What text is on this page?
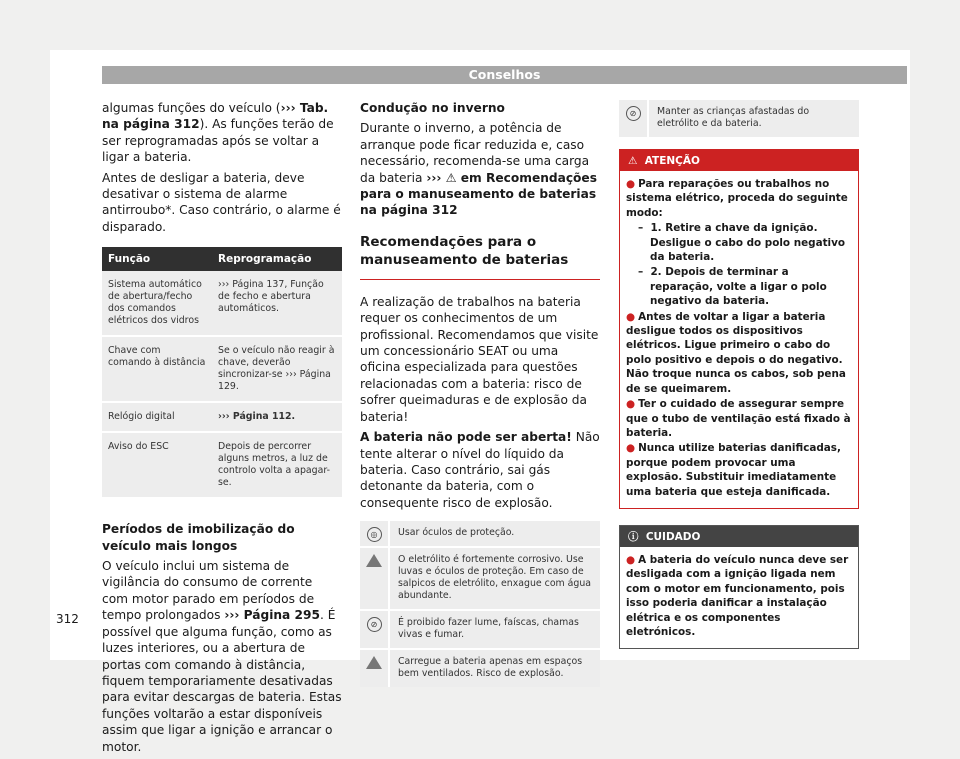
Conselhos

algumas funções do veículo (››› Tab. na página 312). As funções terão de ser reprogramadas após se voltar a ligar a bateria.

Antes de desligar a bateria, deve desativar o sistema de alarme antirroubo*. Caso contrário, o alarme é disparado.

Função	Reprogramação
Sistema automático de abertura/fecho dos comandos elétricos dos vidros	››› Página 137, Função de fecho e abertura automáticos.
Chave com comando à distância	Se o veículo não reagir à chave, deverão sincronizar-se ››› Página 129.
Relógio digital	››› Página 112.
Aviso do ESC	Depois de percorrer alguns metros, a luz de controlo volta a apagar-se.

Períodos de imobilização do veículo mais longos

O veículo inclui um sistema de vigilância do consumo de corrente com motor parado em períodos de tempo prolongados ››› Página 295. É possível que alguma função, como as luzes interiores, ou a abertura de portas com comando à distância, fiquem temporariamente desativadas para evitar descargas de bateria. Estas funções voltarão a estar disponíveis assim que ligar a ignição e arrancar o motor.

Condução no inverno

Durante o inverno, a potência de arranque pode ficar reduzida e, caso necessário, recomenda-se uma carga da bateria ››› ⚠ em Recomendações para o manuseamento de baterias na página 312

Recomendações para o manuseamento de baterias

A realização de trabalhos na bateria requer os conhecimentos de um profissional. Recomendamos que visite um concessionário SEAT ou uma oficina especializada para questões relacionadas com a bateria: risco de sofrer queimaduras e de explosão da bateria!

A bateria não pode ser aberta! Não tente alterar o nível do líquido da bateria. Caso contrário, sai gás detonante da bateria, com o consequente risco de explosão.

◎	Usar óculos de proteção.
O eletrólito é fortemente corrosivo. Use luvas e óculos de proteção. Em caso de salpicos de eletrólito, enxague com água abundante.
⊘	É proibido fazer lume, faíscas, chamas vivas e fumar.
Carregue a bateria apenas em espaços bem ventilados. Risco de explosão.
⊘	Manter as crianças afastadas do eletrólito e da bateria.
⚠ ATENÇÃO
● Para reparações ou trabalhos no sistema elétrico, proceda do seguinte modo:
–  1. Retire a chave da ignição. Desligue o cabo do polo negativo da bateria.
–  2. Depois de terminar a reparação, volte a ligar o polo negativo da bateria.
● Antes de voltar a ligar a bateria desligue todos os dispositivos elétricos. Ligue primeiro o cabo do polo positivo e depois o do negativo. Não troque nunca os cabos, sob pena de se queimarem.
● Ter o cuidado de assegurar sempre que o tubo de ventilação está fixado à bateria.
● Nunca utilize baterias danificadas, porque podem provocar uma explosão. Substituir imediatamente uma bateria que esteja danificada.
ⓘ CUIDADO
● A bateria do veículo nunca deve ser desligada com a ignição ligada nem com o motor em funcionamento, pois isso poderia danificar a instalação elétrica e os componentes eletrónicos.
312
